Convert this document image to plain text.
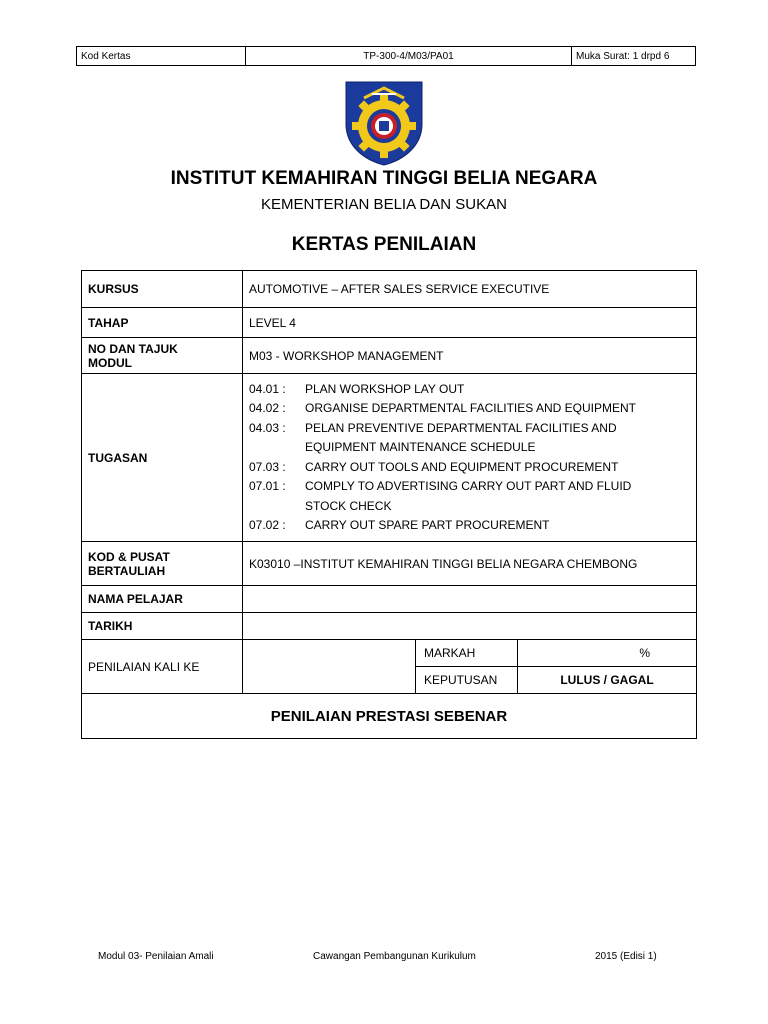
Kod Kertas	TP-300-4/M03/PA01	Muka Surat: 1 drpd 6
INSTITUT KEMAHIRAN TINGGI BELIA NEGARA
KEMENTERIAN BELIA DAN SUKAN
KERTAS PENILAIAN
KURSUS	AUTOMOTIVE – AFTER SALES SERVICE EXECUTIVE
TAHAP	LEVEL 4

NO DAN TAJUK
MODUL	M03 - WORKSHOP MANAGEMENT
TUGASAN	
04.01 :	PLAN WORKSHOP LAY OUT
04.02 :	ORGANISE DEPARTMENTAL FACILITIES AND EQUIPMENT
04.03 :	PELAN PREVENTIVE DEPARTMENTAL FACILITIES AND
EQUIPMENT MAINTENANCE SCHEDULE
07.03 :	CARRY OUT TOOLS AND EQUIPMENT PROCUREMENT
07.01 :	COMPLY TO ADVERTISING CARRY OUT PART AND FLUID
STOCK CHECK
07.02 :	CARRY OUT SPARE PART PROCUREMENT

KOD & PUSAT
BERTAULIAH	K03010 –INSTITUT KEMAHIRAN TINGGI BELIA NEGARA CHEMBONG
NAMA PELAJAR	
TARIKH	
PENILAIAN KALI KE		
MARKAH	%
KEPUTUSAN	LULUS / GAGAL

PENILAIAN PRESTASI SEBENAR
Modul 03- Penilaian Amali	Cawangan Pembangunan Kurikulum	2015 (Edisi 1)
